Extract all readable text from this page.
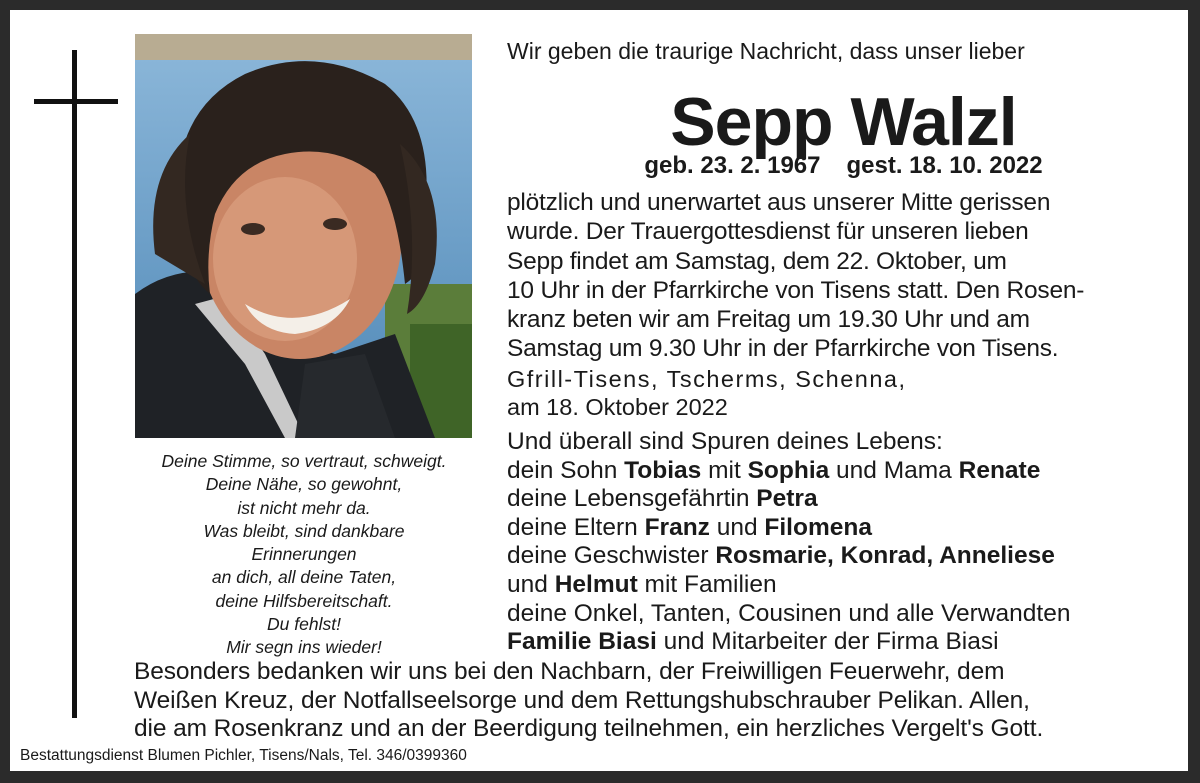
Deine Stimme, so vertraut, schweigt.
Deine Nähe, so gewohnt,
ist nicht mehr da.
Was bleibt, sind dankbare
Erinnerungen
an dich, all deine Taten,
deine Hilfsbereitschaft.
Du fehlst!
Mir segn ins wieder!
Wir geben die traurige Nachricht, dass unser lieber
Sepp Walzl
geb. 23. 2. 1967 gest. 18. 10. 2022
plötzlich und unerwartet aus unserer Mitte gerissen
wurde. Der Trauergottesdienst für unseren lieben
Sepp findet am Samstag, dem 22. Oktober, um
10 Uhr in der Pfarrkirche von Tisens statt. Den Rosen-
kranz beten wir am Freitag um 19.30 Uhr und am
Samstag um 9.30 Uhr in der Pfarrkirche von Tisens.
Gfrill-Tisens, Tscherms, Schenna,
am 18. Oktober 2022
Und überall sind Spuren deines Lebens:
dein Sohn Tobias mit Sophia und Mama Renate
deine Lebensgefährtin Petra
deine Eltern Franz und Filomena
deine Geschwister Rosmarie, Konrad, Anneliese
und Helmut mit Familien
deine Onkel, Tanten, Cousinen und alle Verwandten
Familie Biasi und Mitarbeiter der Firma Biasi
Besonders bedanken wir uns bei den Nachbarn, der Freiwilligen Feuerwehr, dem
Weißen Kreuz, der Notfallseelsorge und dem Rettungshubschrauber Pelikan. Allen,
die am Rosenkranz und an der Beerdigung teilnehmen, ein herzliches Vergelt's Gott.
Bestattungsdienst Blumen Pichler, Tisens/Nals, Tel. 346/0399360
